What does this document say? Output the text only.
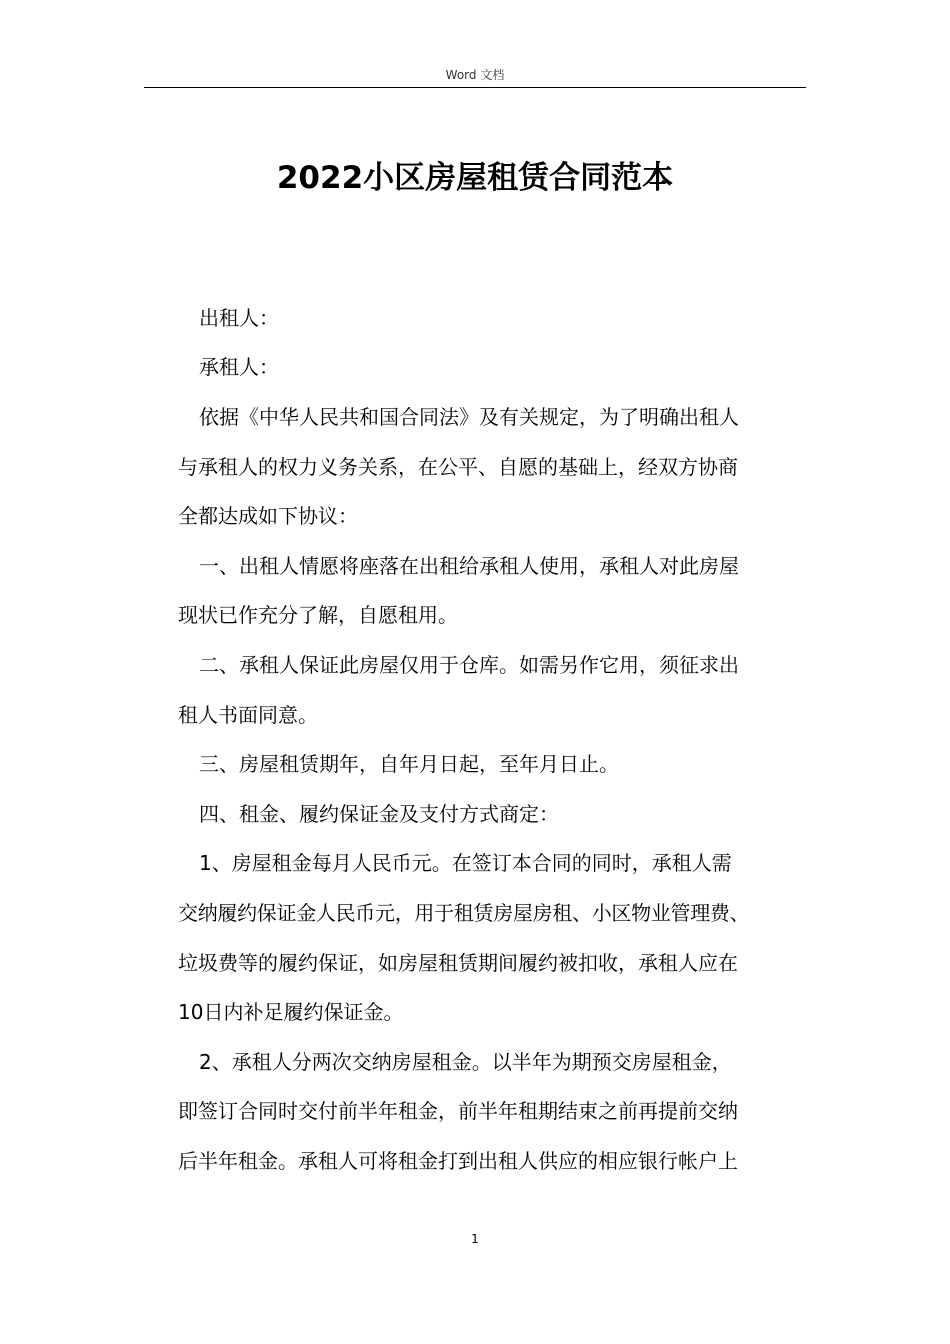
Word 文档
2022小区房屋租赁合同范本
出租人：
承租人：
依据《中华人民共和国合同法》及有关规定，为了明确出租人
与承租人的权力义务关系，在公平、自愿的基础上，经双方协商
全都达成如下协议：
一、出租人情愿将座落在出租给承租人使用，承租人对此房屋
现状已作充分了解，自愿租用。
二、承租人保证此房屋仅用于仓库。如需另作它用，须征求出
租人书面同意。
三、房屋租赁期年，自年月日起，至年月日止。
四、租金、履约保证金及支付方式商定：
1、房屋租金每月人民币元。在签订本合同的同时，承租人需
交纳履约保证金人民币元，用于租赁房屋房租、小区物业管理费、
垃圾费等的履约保证，如房屋租赁期间履约被扣收，承租人应在
10日内补足履约保证金。
2、承租人分两次交纳房屋租金。以半年为期预交房屋租金，
即签订合同时交付前半年租金，前半年租期结束之前再提前交纳
后半年租金。承租人可将租金打到出租人供应的相应银行帐户上
1
